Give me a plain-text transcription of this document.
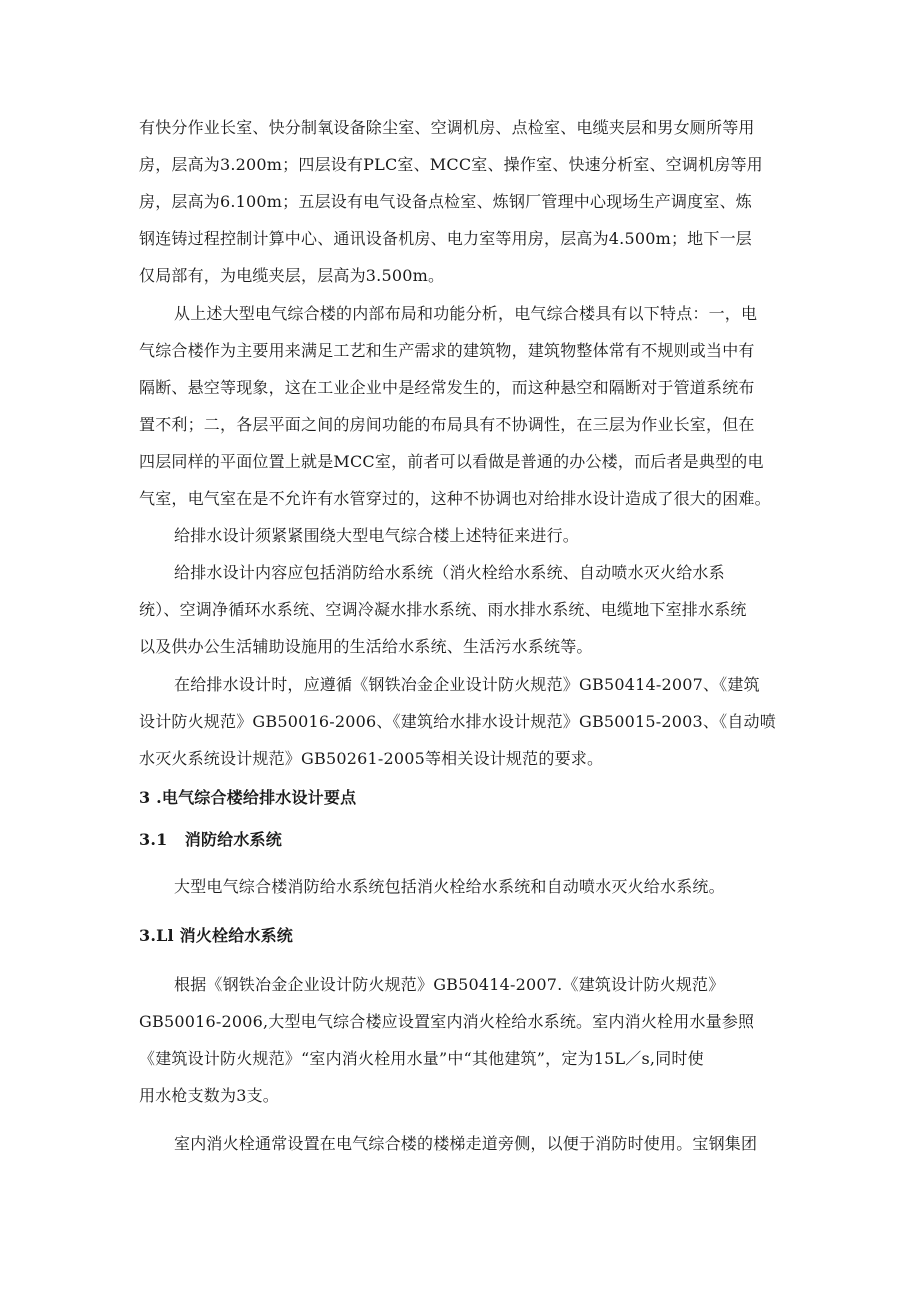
有快分作业长室、快分制氧设备除尘室、空调机房、点检室、电缆夹层和男女厕所等用
房，层高为3.200m；四层设有PLC室、MCC室、操作室、快速分析室、空调机房等用
房，层高为6.100m；五层设有电气设备点检室、炼钢厂管理中心现场生产调度室、炼
钢连铸过程控制计算中心、通讯设备机房、电力室等用房，层高为4.500m；地下一层
仅局部有，为电缆夹层，层高为3.500m。
从上述大型电气综合楼的内部布局和功能分析，电气综合楼具有以下特点：一，电
气综合楼作为主要用来满足工艺和生产需求的建筑物，建筑物整体常有不规则或当中有
隔断、悬空等现象，这在工业企业中是经常发生的，而这种悬空和隔断对于管道系统布
置不利；二，各层平面之间的房间功能的布局具有不协调性，在三层为作业长室，但在
四层同样的平面位置上就是MCC室，前者可以看做是普通的办公楼，而后者是典型的电
气室，电气室在是不允许有水管穿过的，这种不协调也对给排水设计造成了很大的困难。
给排水设计须紧紧围绕大型电气综合楼上述特征来进行。
给排水设计内容应包括消防给水系统（消火栓给水系统、自动喷水灭火给水系
统）、空调净循环水系统、空调冷凝水排水系统、雨水排水系统、电缆地下室排水系统
以及供办公生活辅助设施用的生活给水系统、生活污水系统等。
在给排水设计时，应遵循《钢铁冶金企业设计防火规范》GB50414-2007、《建筑
设计防火规范》GB50016-2006、《建筑给水排水设计规范》GB50015-2003、《自动喷
水灭火系统设计规范》GB50261-2005等相关设计规范的要求。
3 .电气综合楼给排水设计要点
3.1   消防给水系统
大型电气综合楼消防给水系统包括消火栓给水系统和自动喷水灭火给水系统。
3.Ll 消火栓给水系统
根据《钢铁冶金企业设计防火规范》GB50414-2007.《建筑设计防火规范》
GB50016-2006,大型电气综合楼应设置室内消火栓给水系统。室内消火栓用水量参照
《建筑设计防火规范》“室内消火栓用水量”中“其他建筑”，定为15L／s,同时使
用水枪支数为3支。
室内消火栓通常设置在电气综合楼的楼梯走道旁侧，以便于消防时使用。宝钢集团
